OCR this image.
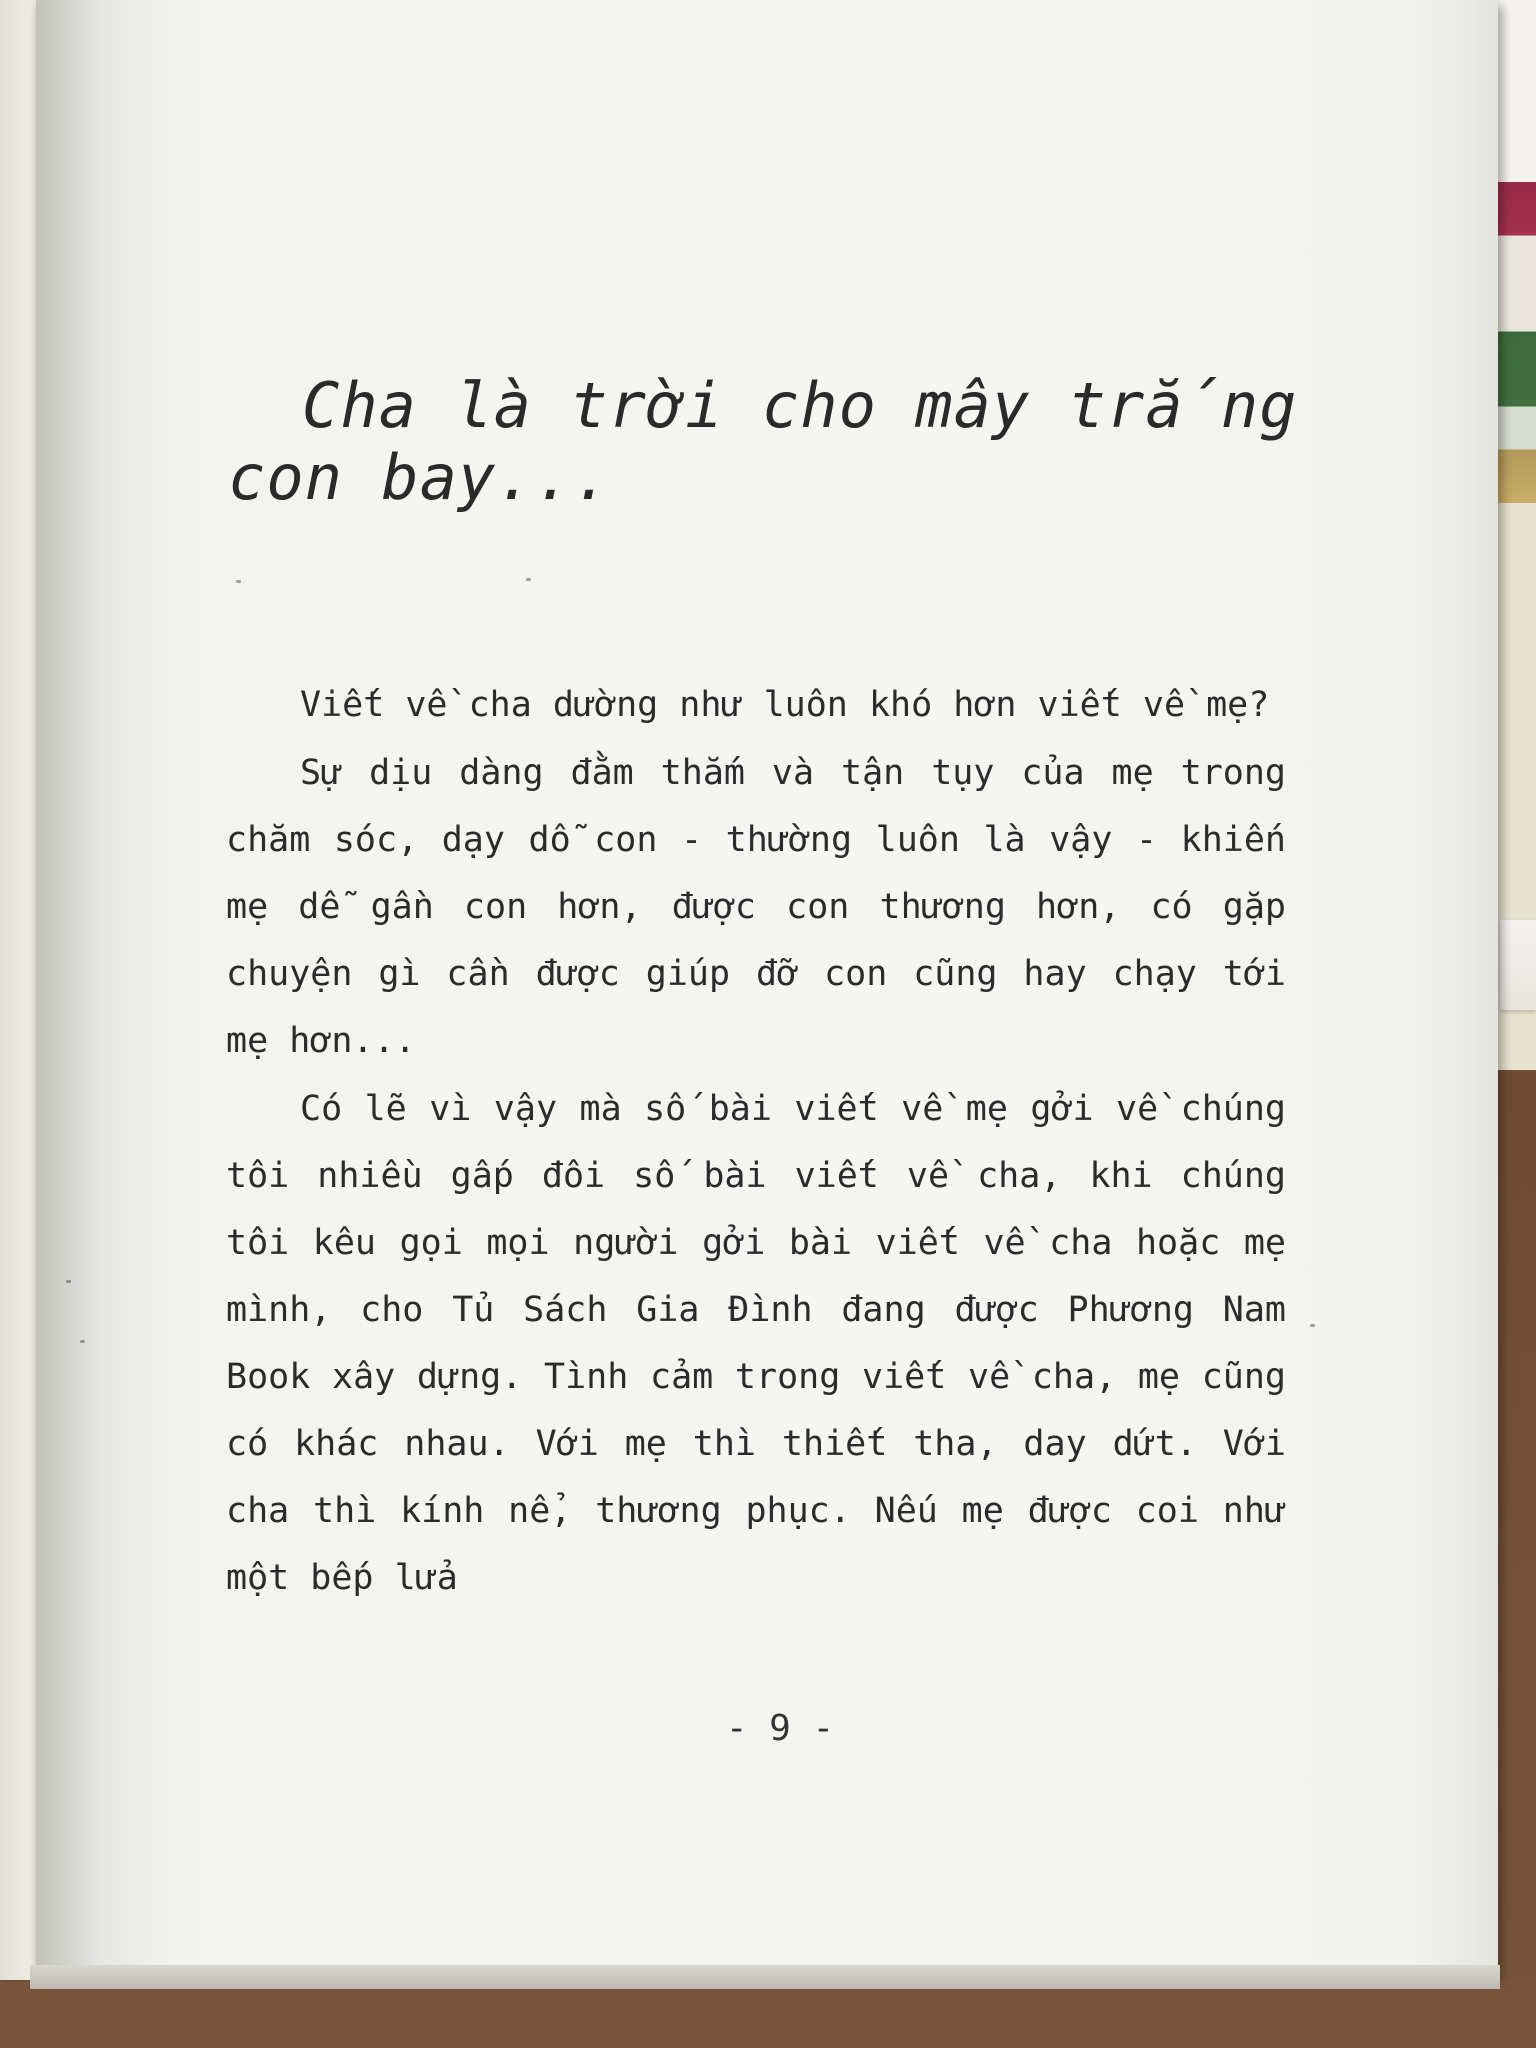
Cha là trời cho mây trắng
con bay...

Viết về cha dường như luôn khó hơn viết về mẹ?

Sự dịu dàng đằm thắm và tận tụy của mẹ trong chăm sóc, dạy dỗ con - thường luôn là vậy - khiến mẹ dễ gần con hơn, được con thương hơn, có gặp chuyện gì cần được giúp đỡ con cũng hay chạy tới mẹ hơn...

Có lẽ vì vậy mà số bài viết về mẹ gởi về chúng tôi nhiều gấp đôi số bài viết về cha, khi chúng tôi kêu gọi mọi người gởi bài viết về cha hoặc mẹ mình, cho Tủ Sách Gia Đình đang được Phương Nam Book xây dựng. Tình cảm trong viết về cha, mẹ cũng có khác nhau. Với mẹ thì thiết tha, day dứt. Với cha thì kính nể, thương phục. Nếu mẹ được coi như một bếp lửa

- 9 -
